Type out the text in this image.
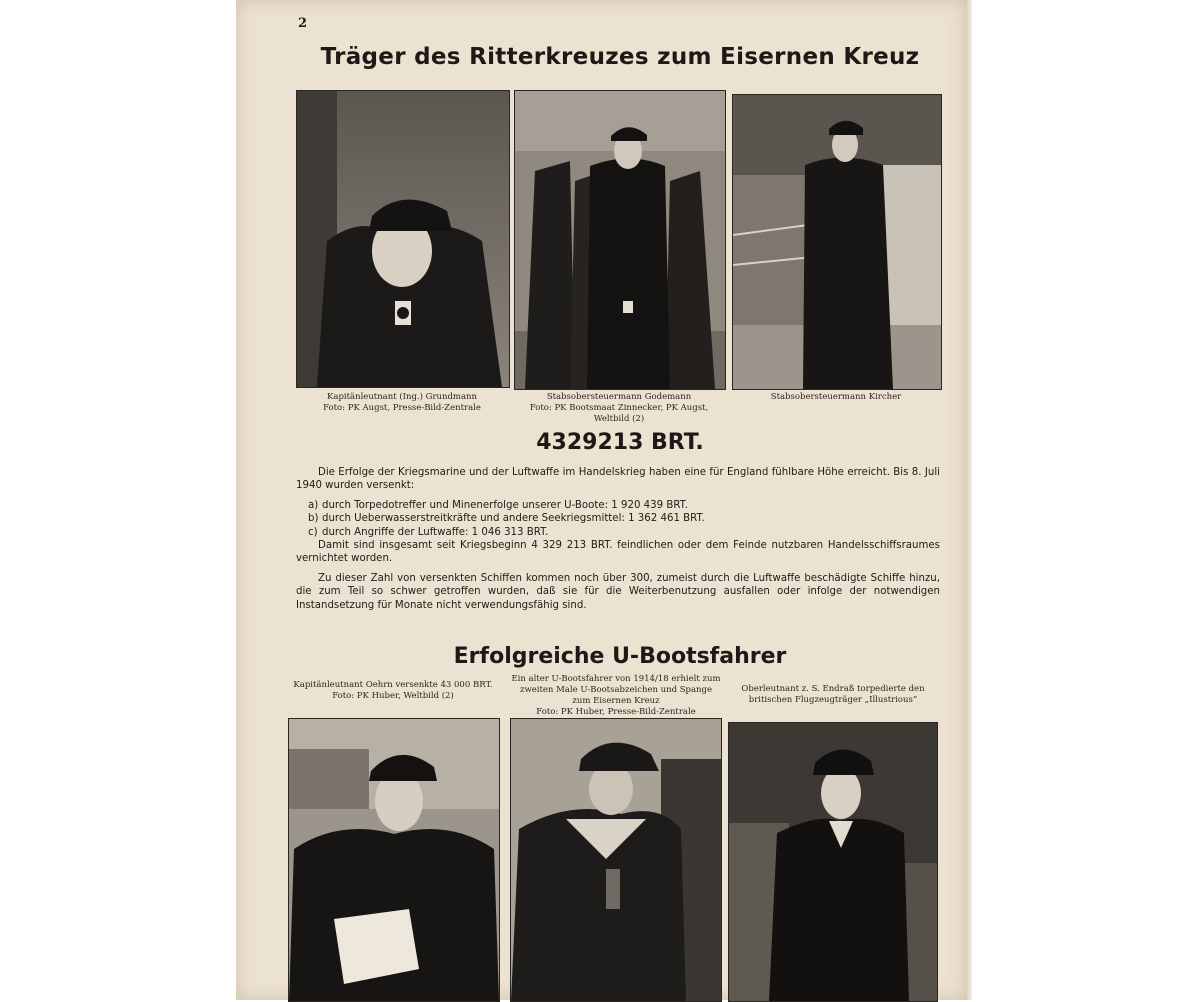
2
Träger des Ritterkreuzes zum Eisernen Kreuz
Kapitänleutnant (Ing.) Grundmann
Foto: PK Augst, Presse-Bild-Zentrale
Stabsobersteuermann Godemann
Foto: PK Bootsmaat Zinnecker, PK Augst, Weltbild (2)
Stabsobersteuermann Kircher
4329213 BRT.

Die Erfolge der Kriegsmarine und der Luftwaffe im Handelskrieg haben eine für England fühlbare Höhe erreicht. Bis 8. Juli 1940 wurden versenkt:

a) durch Torpedotreffer und Minenerfolge unserer U-Boote: 1 920 439 BRT.
b) durch Ueberwasserstreitkräfte und andere Seekriegsmittel: 1 362 461 BRT.
c) durch Angriffe der Luftwaffe: 1 046 313 BRT.

Damit sind insgesamt seit Kriegsbeginn 4 329 213 BRT. feindlichen oder dem Feinde nutzbaren Handelsschiffsraumes vernichtet worden.

Zu dieser Zahl von versenkten Schiffen kommen noch über 300, zumeist durch die Luftwaffe beschädigte Schiffe hinzu, die zum Teil so schwer getroffen wurden, daß sie für die Weiterbenutzung ausfallen oder infolge der notwendigen Instandsetzung für Monate nicht verwendungsfähig sind.

Erfolgreiche U-Bootsfahrer
Kapitänleutnant Oehrn versenkte 43 000 BRT.
Foto: PK Huber, Weltbild (2)
Ein alter U-Bootsfahrer von 1914/18 erhielt zum zweiten Male U-Bootsabzeichen und Spange zum Eisernen Kreuz
Foto: PK Huber, Presse-Bild-Zentrale
Oberleutnant z. S. Endraß torpedierte den britischen Flugzeugträger „Illustrious“
